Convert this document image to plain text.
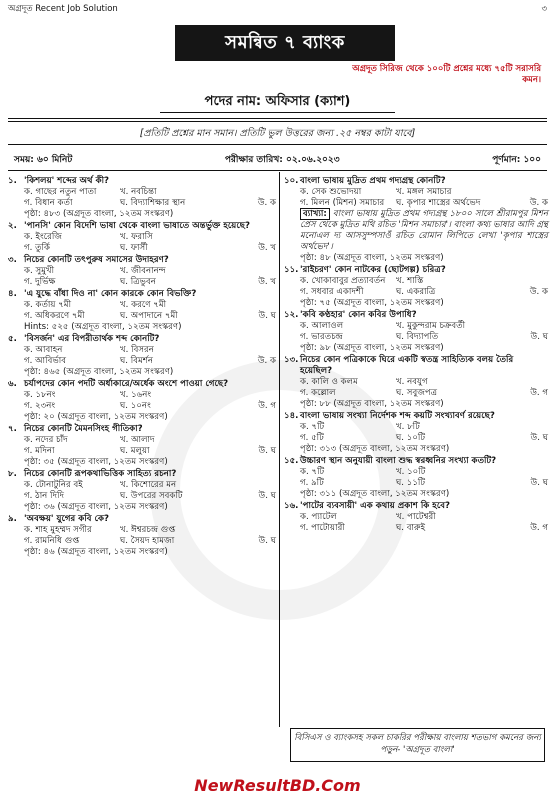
অগ্রদূত Recent Job Solution	৩
সমন্বিত ৭ ব্যাংক
অগ্রদূত সিরিজ থেকে ১০০টি প্রশ্নের মধ্যে ৭৫টি সরাসরি কমন।
পদের নাম: অফিসার (ক্যাশ)
[প্রতিটি প্রশ্নের মান সমান। প্রতিটি ভুল উত্তরের জন্য .২৫ নম্বর কাটা যাবে]
সময়: ৬০ মিনিট	পরীক্ষার তারিখ: ০২.০৬.২০২৩	পূর্ণমান: ১০০
১. 'কিশলয়' শব্দের অর্থ কী?
ক. গাছের নতুন পাতা	খ. নবচিন্তা
গ. বিধান কর্তা	ঘ. বিদ্যাশিক্ষার স্থান	উ. ক
পৃষ্ঠা: ৪৮৩ (অগ্রদূত বাংলা, ১২তম সংস্করণ)
২. 'পানসি' কোন বিদেশি ভাষা থেকে বাংলা ভাষাতে অন্তর্ভুক্ত হয়েছে?
ক. ইংরেজি	খ. ফরাসি
গ. তুর্কি	ঘ. ফার্সী	উ. খ
৩. নিচের কোনটি তৎপুরুষ সমাসের উদাহরণ?
ক. সুমুখী	খ. জীবনানন্দ
গ. দুর্ভিক্ষ	ঘ. ত্রিভুবন	উ. খ
৪. 'এ যুদ্ধে বাঁধা দিও না' কোন কারকে কোন বিভক্তি?
ক. কর্তায় ৭মী	খ. করণে ৭মী
গ. অধিকরণে ৭মী	ঘ. অপাদানে ৭মী	উ. ঘ
Hints: ৫২৫ (অগ্রদূত বাংলা, ১২তম সংস্করণ)
৫. 'বিসর্জন' এর বিপরীতার্থক শব্দ কোনটি?
ক. আবাহন	খ. বিসরন
গ. আবির্ভাব	ঘ. বিমর্শন	উ. ক
পৃষ্ঠা: ৪৬৫ (অগ্রদূত বাংলা, ১২তম সংস্করণ)
৬. চর্যাপদের কোন পদটি অর্ধাকারে/অর্ধেক অংশে পাওয়া গেছে?
ক. ১৮নং	খ. ১৬নং
গ. ২৩নং	ঘ. ১০নং	উ. গ
পৃষ্ঠা: ২০ (অগ্রদূত বাংলা, ১২তম সংস্করণ)
৭. নিচের কোনটি মৈমনসিংহ গীতিকা?
ক. নদের চাঁদ	খ. আলাদ
গ. মদিনা	ঘ. মলুয়া	উ. ঘ
পৃষ্ঠা: ৩৫ (অগ্রদূত বাংলা, ১২তম সংস্করণ)
৮. নিচের কোনটি রূপকথাভিত্তিক সাহিত্য রচনা?
ক. টোনাটুনির বই	খ. কিশোরের মন
গ. ঠান দিদি	ঘ. উপরের সবকটি	উ. ঘ
পৃষ্ঠা: ৩৬ (অগ্রদূত বাংলা, ১২তম সংস্করণ)
৯. 'অবক্ষয়' যুগের কবি কে?
ক. শাহ মুহম্মদ সগীর	খ. ঈশ্বরচন্দ্র গুপ্ত
গ. রামনিধি গুপ্ত	ঘ. সৈয়দ হামজা	উ. ঘ
পৃষ্ঠা: ৪৬ (অগ্রদূত বাংলা, ১২তম সংস্করণ)
১০. বাংলা ভাষায় মুদ্রিত প্রথম গদ্যগ্রন্থ কোনটি?
ক. সেক শুভোদয়া	খ. মঙ্গল সমাচার
গ. মিলন (মিশন) সমাচার	ঘ. কৃপার শাস্ত্রের অর্থভেদ	উ. ক
ব্যাখ্যা: বাংলা ভাষায় মুদ্রিত প্রথম গদ্যগ্রন্থ ১৮০০ সালে শ্রীরামপুর মিশন প্রেস থেকে মুদ্রিত মথি রচিত 'মিশন সমাচার'। বাংলা কথ্য ভাষার আদি গ্রন্থ মনোএল দ্য আসসুম্পসাওঁ রচিত রোমান লিপিতে লেখা 'কৃপার শাস্ত্রের অর্থভেদ'।
পৃষ্ঠা: ৪৮ (অগ্রদূত বাংলা, ১২তম সংস্করণ)
১১. 'রাইচরণ' কোন নাটকের (ছোটগল্প) চরিত্র?
ক. খোকাবাবুর প্রত্যাবর্তন	খ. শাস্তি
গ. সধবার একাদশী	ঘ. একরাত্রি	উ. ক
পৃষ্ঠা: ৭৫ (অগ্রদূত বাংলা, ১২তম সংস্করণ)
১২. 'কবি কণ্ঠহার' কোন কবির উপাধি?
ক. আলাওল	খ. মুকুন্দরাম চক্রবর্তী
গ. ভারতচন্দ্র	ঘ. বিদ্যাপতি	উ. ঘ
পৃষ্ঠা: ৯৮ (অগ্রদূত বাংলা, ১২তম সংস্করণ)
১৩. নিচের কোন পত্রিকাকে ঘিরে একটি স্বতন্ত্র সাহিত্যিক বলয় তৈরি হয়েছিল?
ক. কালি ও কলম	খ. নবযুগ
গ. কল্লোল	ঘ. সবুজপত্র	উ. গ
পৃষ্ঠা: ৮৮ (অগ্রদূত বাংলা, ১২তম সংস্করণ)
১৪. বাংলা ভাষায় সংখ্যা নির্দেশক শব্দ কয়টি সংখ্যাবর্ণ রয়েছে?
ক. ৭টি	খ. ৮টি
গ. ৫টি	ঘ. ১০টি	উ. ঘ
পৃষ্ঠা: ৩১৩ (অগ্রদূত বাংলা, ১২তম সংস্করণ)
১৫. উচ্চারণ স্থান অনুযায়ী বাংলা শুদ্ধ স্বরধ্বনির সংখ্যা কতটি?
ক. ৭টি	খ. ১০টি
গ. ৯টি	ঘ. ১১টি	উ. ঘ
পৃষ্ঠা: ৩১১ (অগ্রদূত বাংলা, ১২তম সংস্করণ)
১৬. 'পাটের ব্যবসায়ী' এক কথায় প্রকাশ কি হবে?
ক. প্যাটেল	খ. পাটেশ্বরী
গ. পাটোয়ারী	ঘ. বারুই	উ. গ
বিসিএস ও ব্যাংকসহ সকল চাকরির পরীক্ষায় বাংলায় শতভাগ কমনের জন্য পড়ুন- 'অগ্রদূত বাংলা'
NewResultBD.Com
